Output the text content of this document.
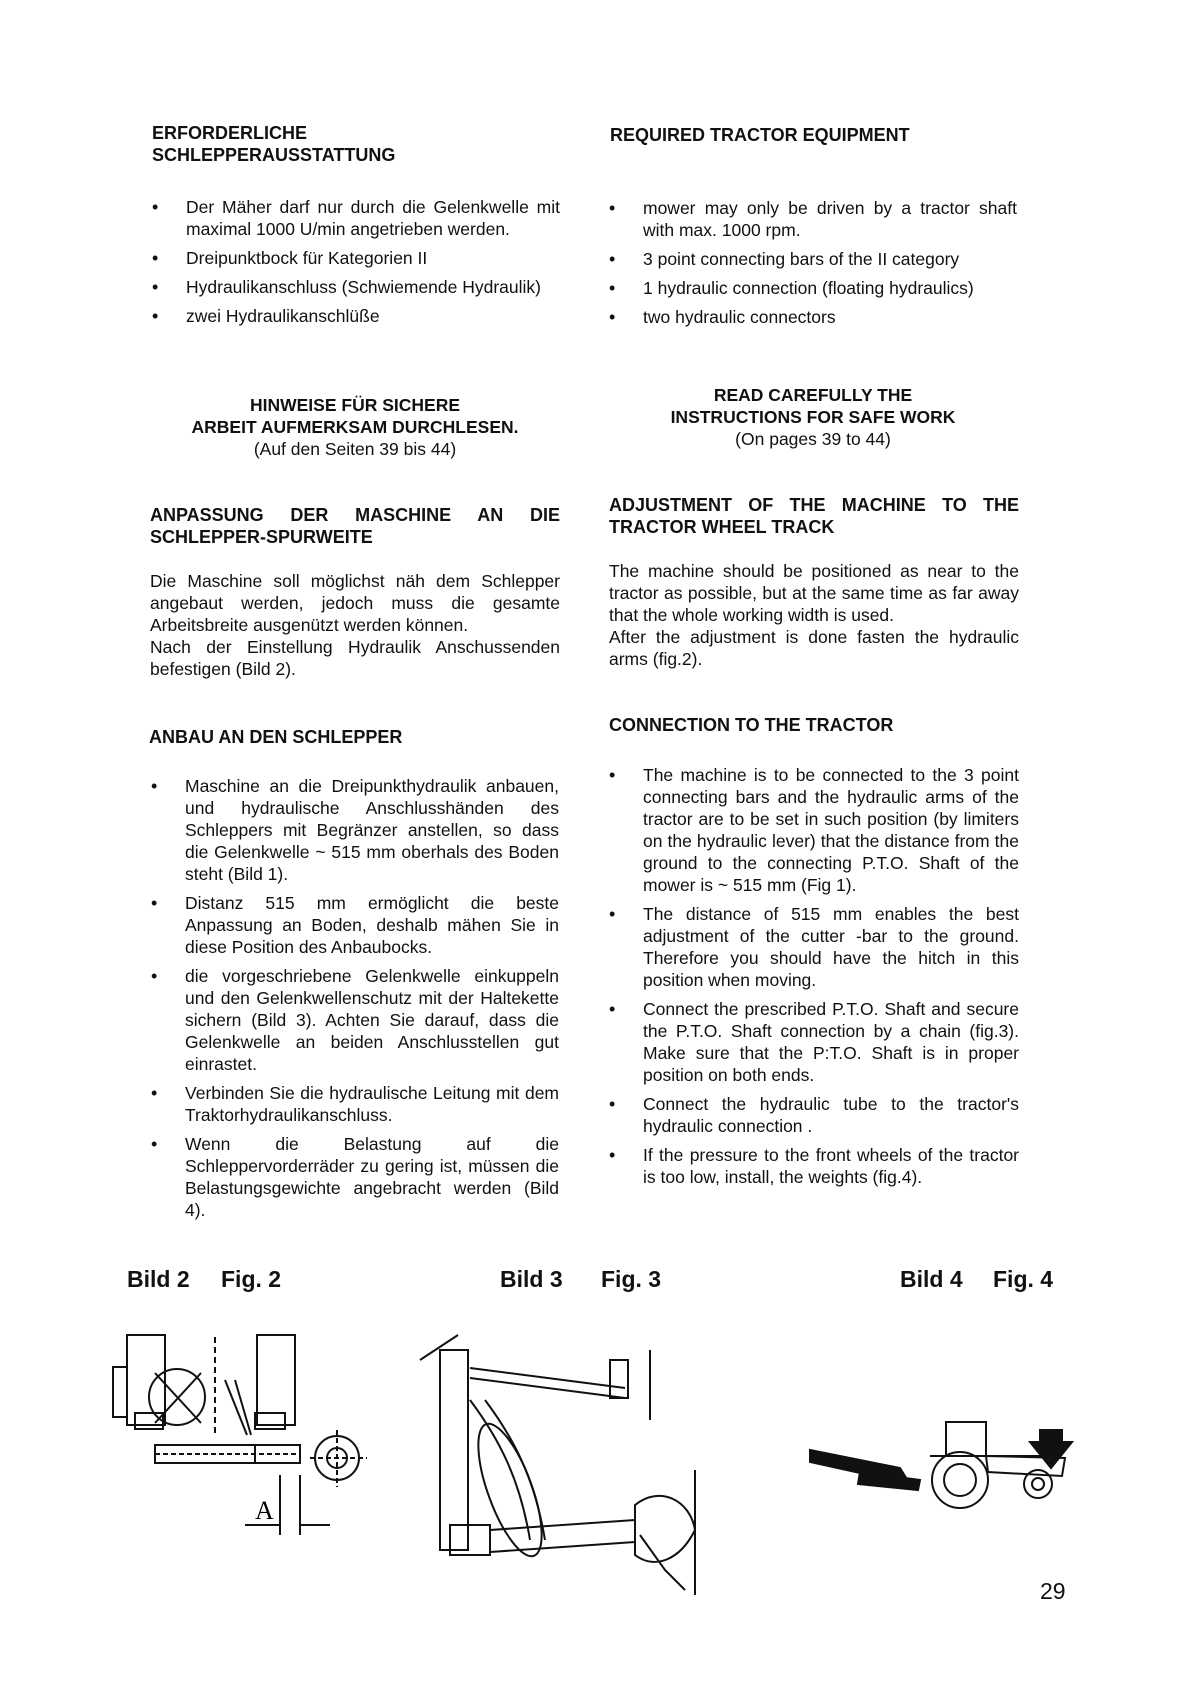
ERFORDERLICHE
SCHLEPPERAUSSTATTUNG
• Der Mäher darf nur durch die Gelenkwelle mit maximal 1000 U/min angetrieben werden.
• Dreipunktbock für Kategorien II
• Hydraulikanschluss (Schwiemende Hydraulik)
• zwei Hydraulikanschlüße
HINWEISE FÜR SICHERE
ARBEIT AUFMERKSAM DURCHLESEN.
(Auf den Seiten 39 bis 44)
ANPASSUNG DER MASCHINE AN DIE
SCHLEPPER-SPURWEITE
Die Maschine soll möglichst näh dem Schlepper angebaut werden, jedoch muss die gesamte Arbeitsbreite ausgenützt werden können.
Nach der Einstellung Hydraulik Anschussenden befestigen (Bild 2).
ANBAU AN DEN SCHLEPPER
• Maschine an die Dreipunkthydraulik anbauen, und hydraulische Anschlusshänden des Schleppers mit Begränzer anstellen, so dass die Gelenkwelle ~ 515 mm oberhals des Boden steht (Bild 1).
• Distanz 515 mm ermöglicht die beste Anpassung an Boden, deshalb mähen Sie in diese Position des Anbaubocks.
• die vorgeschriebene Gelenkwelle einkuppeln und den Gelenkwellenschutz mit der Haltekette sichern (Bild 3). Achten Sie darauf, dass die Gelenkwelle an beiden Anschlusstellen gut einrastet.
• Verbinden Sie die hydraulische Leitung mit dem Traktorhydraulikanschluss.
• Wenn die Belastung auf die Schleppervorderräder zu gering ist, müssen die Belastungsgewichte angebracht werden (Bild 4).
REQUIRED TRACTOR EQUIPMENT
• mower may only be driven by a tractor shaft with max. 1000 rpm.
• 3 point connecting bars of the II category
• 1 hydraulic connection (floating hydraulics)
• two hydraulic connectors
READ CAREFULLY THE
INSTRUCTIONS FOR SAFE WORK
(On pages 39 to 44)
ADJUSTMENT OF THE MACHINE TO THE
TRACTOR WHEEL TRACK
The machine should be positioned as near to the tractor as possible, but at the same time as far away that the whole working width is used.
After the adjustment is done fasten the hydraulic arms (fig.2).
CONNECTION TO THE TRACTOR
• The machine is to be connected to the 3 point connecting bars and the hydraulic arms of the tractor are to be set in such position (by limiters on the hydraulic lever) that the distance from the ground to the connecting P.T.O. Shaft of the mower is ~ 515 mm (Fig 1).
• The distance of 515 mm enables the best adjustment of the cutter -bar to the ground. Therefore you should have the hitch in this position when moving.
• Connect the prescribed P.T.O. Shaft and secure the P.T.O. Shaft connection by a chain (fig.3). Make sure that the P:T.O. Shaft is in proper position on both ends.
• Connect the hydraulic tube to the tractor's hydraulic connection .
• If the pressure to the front wheels of the tractor is too low, install, the weights (fig.4).
Bild 2 Fig. 2	Bild 3 Fig. 3	Bild 4 Fig. 4
A
29
